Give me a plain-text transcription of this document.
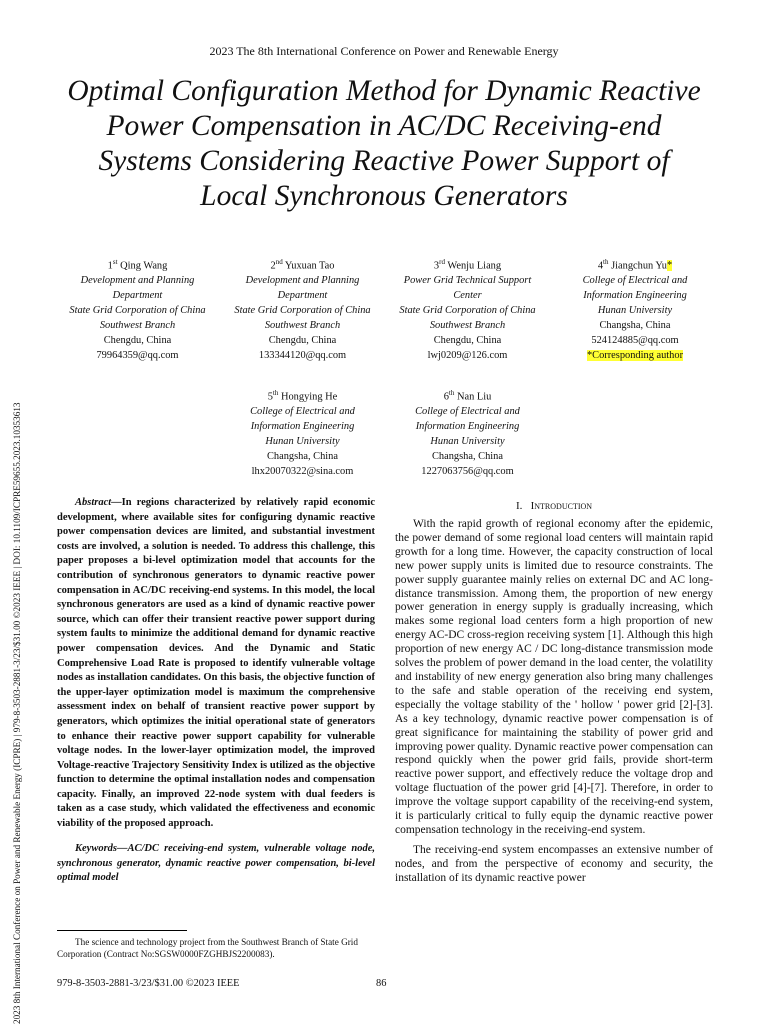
2023 The 8th International Conference on Power and Renewable Energy
Optimal Configuration Method for Dynamic Reactive
Power Compensation in AC/DC Receiving-end
Systems Considering Reactive Power Support of
Local Synchronous Generators
2023 8th International Conference on Power and Renewable Energy (ICPRE) | 979-8-3503-2881-3/23/$31.00 ©2023 IEEE | DOI: 10.1109/ICPRE59655.2023.10353613
1st Qing Wang
Development and Planning
Department
State Grid Corporation of China
Southwest Branch
Chengdu, China
79964359@qq.com
2nd Yuxuan Tao
Development and Planning
Department
State Grid Corporation of China
Southwest Branch
Chengdu, China
133344120@qq.com
3rd Wenju Liang
Power Grid Technical Support
Center
State Grid Corporation of China
Southwest Branch
Chengdu, China
lwj0209@126.com
4th Jiangchun Yu*
College of Electrical and
Information Engineering
Hunan University
Changsha, China
524124885@qq.com
*Corresponding author
5th Hongying He
College of Electrical and
Information Engineering
Hunan University
Changsha, China
lhx20070322@sina.com
6th Nan Liu
College of Electrical and
Information Engineering
Hunan University
Changsha, China
1227063756@qq.com

Abstract—In regions characterized by relatively rapid economic development, where available sites for configuring dynamic reactive power compensation devices are limited, and substantial investment costs are involved, a solution is needed. To address this challenge, this paper proposes a bi-level optimization model that accounts for the contribution of synchronous generators to dynamic reactive power compensation in AC/DC receiving-end systems. In this model, the local synchronous generators are used as a kind of dynamic reactive power source, which can offer their transient reactive power support during system faults to minimize the additional demand for dynamic reactive power compensation devices. And the Dynamic and Static Comprehensive Load Rate is proposed to identify vulnerable voltage nodes as installation candidates. On this basis, the objective function of the upper-layer optimization model is maximum the comprehensive assessment index on behalf of transient reactive power support by generators, which optimizes the initial operational state of generators to enhance their reactive power support capability for vulnerable voltage nodes. In the lower-layer optimization model, the improved Voltage-reactive Trajectory Sensitivity Index is utilized as the objective function to determine the optimal installation nodes and compensation capacity. Finally, an improved 22-node system with dual feeders is taken as a case study, which validated the effectiveness and economic viability of the proposed approach.

Keywords—AC/DC receiving-end system, vulnerable voltage node, synchronous generator, dynamic reactive power compensation, bi-level optimal model

I. Introduction

With the rapid growth of regional economy after the epidemic, the power demand of some regional load centers will maintain rapid growth for a long time. However, the capacity construction of local new power supply units is limited due to resource constraints. The power supply guarantee mainly relies on external DC and AC long-distance transmission. Among them, the proportion of new energy power generation in energy supply is gradually increasing, which makes some regional load centers form a high proportion of new energy AC-DC cross-region receiving system [1]. Although this high proportion of new energy AC / DC long-distance transmission mode solves the problem of power demand in the load center, the volatility and instability of new energy generation also bring many challenges to the safe and stable operation of the receiving end system, especially the voltage stability of the ' hollow ' power grid [2]-[3]. As a key technology, dynamic reactive power compensation is of great significance for maintaining the stability of power grid and improving power quality. Dynamic reactive power compensation can respond quickly when the power grid fails, provide short-term reactive power support, and effectively reduce the voltage drop and voltage fluctuation of the power grid [4]-[7]. Therefore, in order to improve the voltage support capability of the receiving-end system, it is particularly critical to fully equip the dynamic reactive power compensation technology in the receiving-end system.

The receiving-end system encompasses an extensive number of nodes, and from the perspective of economy and security, the installation of its dynamic reactive power

The science and technology project from the Southwest Branch of State Grid Corporation (Contract No:SGSW0000FZGHBJS2200083).

979-8-3503-2881-3/23/$31.00 ©2023 IEEE	86
